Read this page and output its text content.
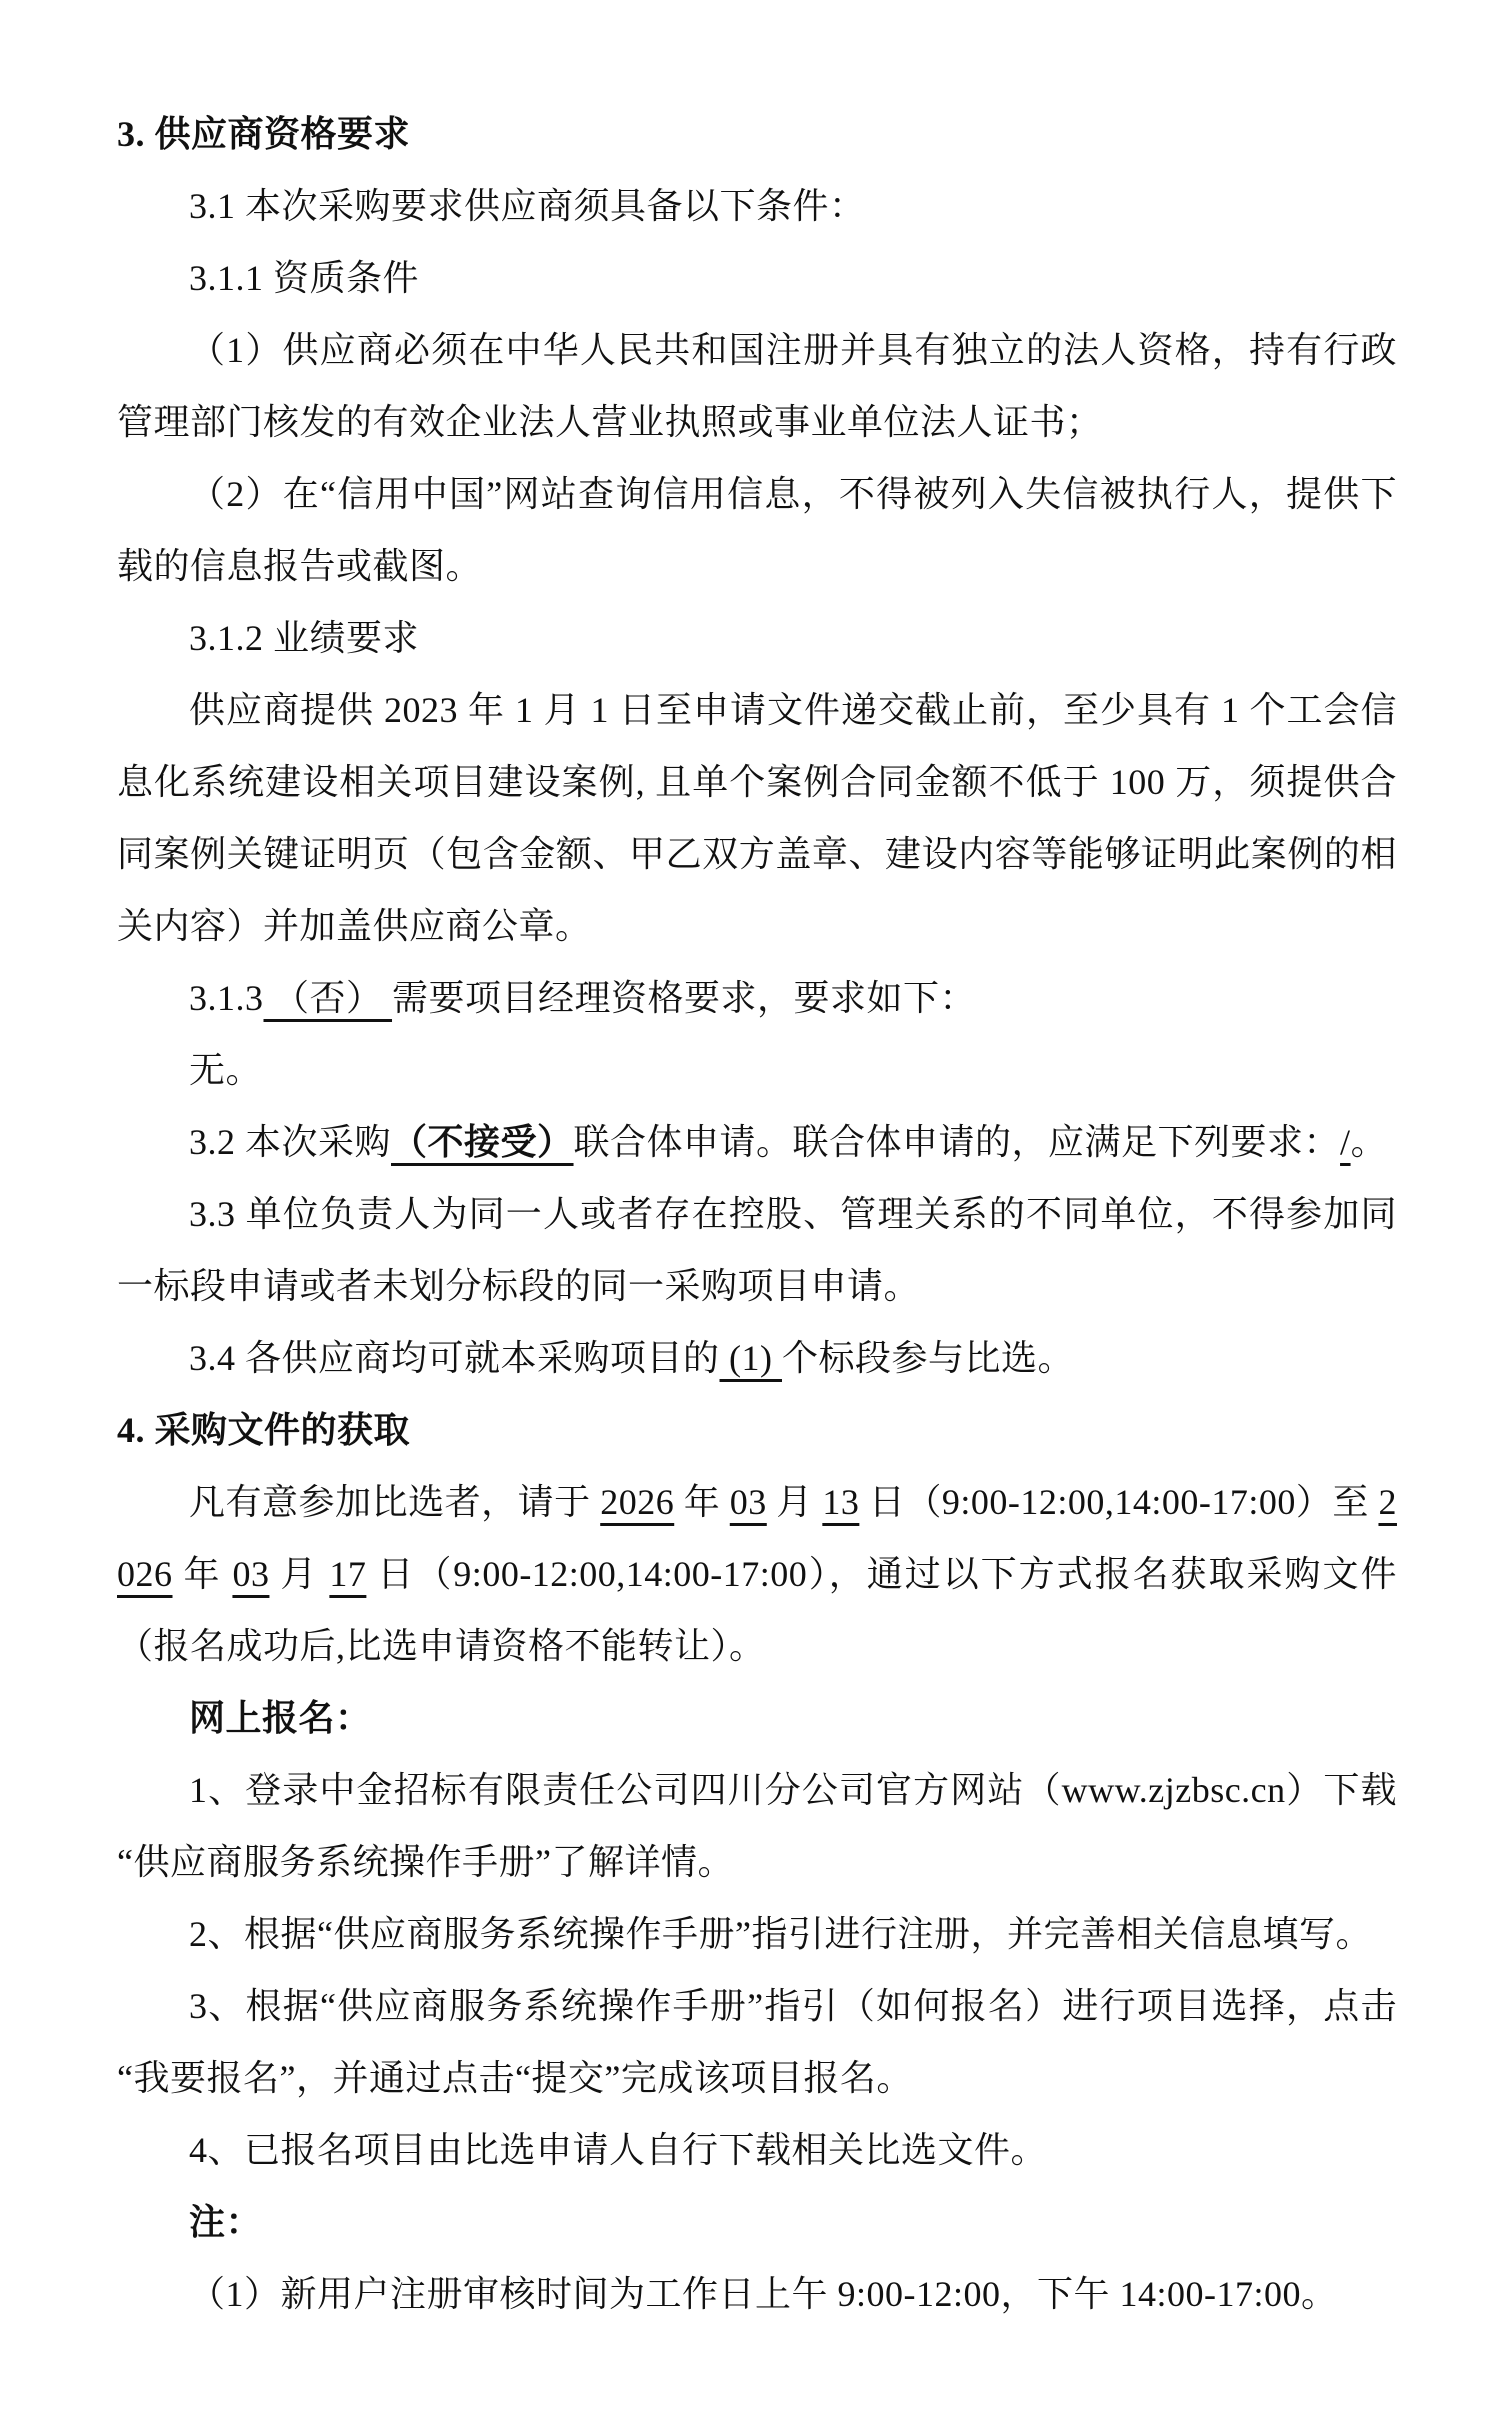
3. 供应商资格要求

3.1 本次采购要求供应商须具备以下条件：

3.1.1 资质条件

（1）供应商必须在中华人民共和国注册并具有独立的法人资格，持有行政管理部门核发的有效企业法人营业执照或事业单位法人证书；

（2）在“信用中国”网站查询信用信息，不得被列入失信被执行人，提供下载的信息报告或截图。

3.1.2 业绩要求

供应商提供 2023 年 1 月 1 日至申请文件递交截止前，至少具有 1 个工会信息化系统建设相关项目建设案例, 且单个案例合同金额不低于 100 万，须提供合同案例关键证明页（包含金额、甲乙双方盖章、建设内容等能够证明此案例的相关内容）并加盖供应商公章。

3.1.3 （否） 需要项目经理资格要求，要求如下：

无。

3.2 本次采购（不接受）联合体申请。联合体申请的，应满足下列要求：/。

3.3 单位负责人为同一人或者存在控股、管理关系的不同单位，不得参加同一标段申请或者未划分标段的同一采购项目申请。

3.4 各供应商均可就本采购项目的 (1) 个标段参与比选。

4. 采购文件的获取

凡有意参加比选者，请于 2026 年 03 月 13 日（9:00-12:00,14:00-17:00）至 2026 年 03 月 17 日（9:00-12:00,14:00-17:00），通过以下方式报名获取采购文件（报名成功后,比选申请资格不能转让）。

网上报名：

1、登录中金招标有限责任公司四川分公司官方网站（www.zjzbsc.cn）下载“供应商服务系统操作手册”了解详情。

2、根据“供应商服务系统操作手册”指引进行注册，并完善相关信息填写。

3、根据“供应商服务系统操作手册”指引（如何报名）进行项目选择，点击“我要报名”，并通过点击“提交”完成该项目报名。

4、已报名项目由比选申请人自行下载相关比选文件。

注：

（1）新用户注册审核时间为工作日上午 9:00-12:00，下午 14:00-17:00。
